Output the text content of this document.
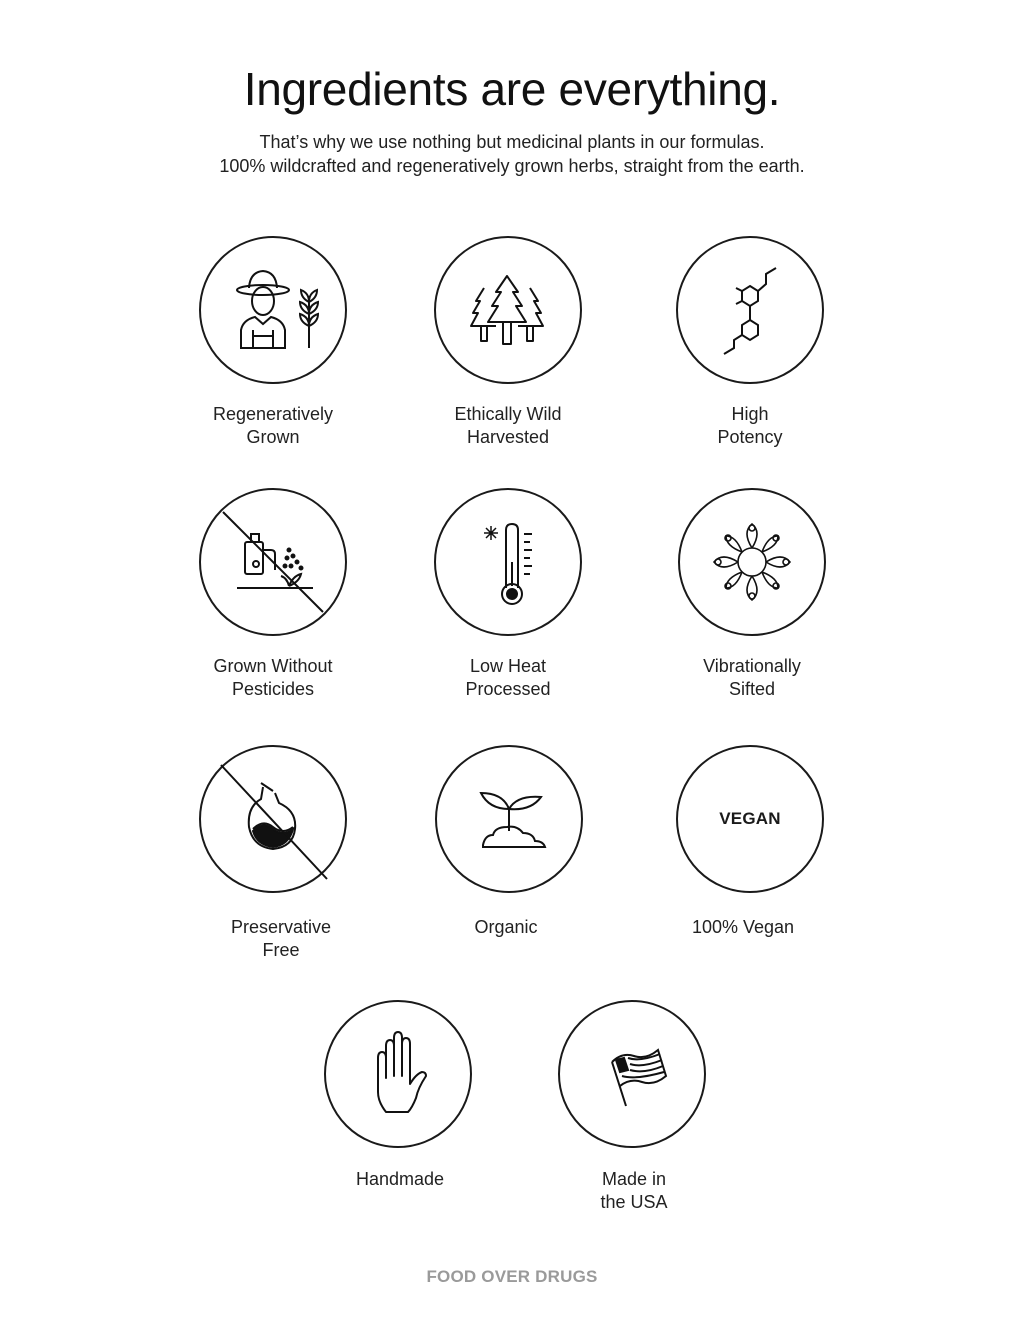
Ingredients are everything.
That’s why we use nothing but medicinal plants in our formulas.
100% wildcrafted and regeneratively grown herbs, straight from the earth.
Regeneratively
Grown
Ethically Wild
Harvested
High
Potency
Grown Without
Pesticides
Low Heat
Processed
Vibrationally
Sifted
Preservative
Free
Organic
VEGAN
100% Vegan
Handmade	Made in
the USA
FOOD OVER DRUGS
